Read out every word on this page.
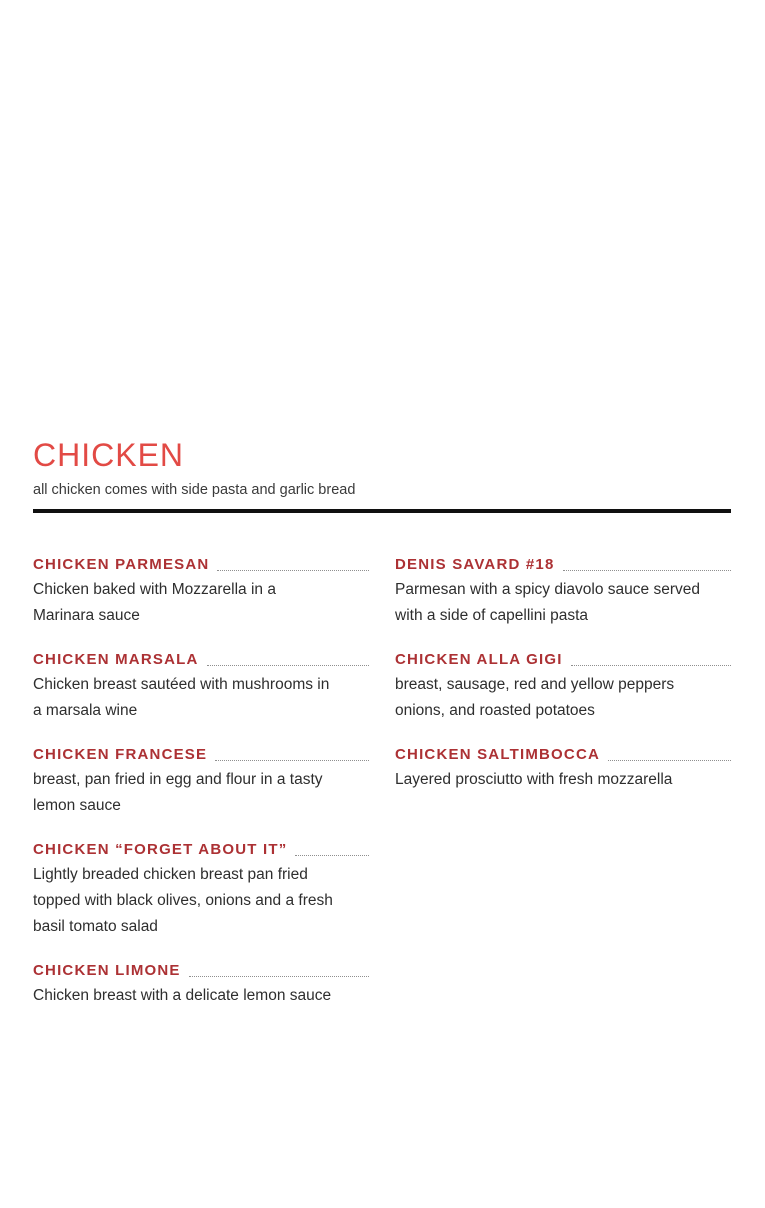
CHICKEN

all chicken comes with side pasta and garlic bread

CHICKEN PARMESAN
Chicken baked with Mozzarella in a
Marinara sauce
CHICKEN MARSALA
Chicken breast sautéed with mushrooms in
a marsala wine
CHICKEN FRANCESE
breast, pan fried in egg and flour in a tasty
lemon sauce
CHICKEN “FORGET ABOUT IT”
Lightly breaded chicken breast pan fried
topped with black olives, onions and a fresh
basil tomato salad
CHICKEN LIMONE
Chicken breast with a delicate lemon sauce
DENIS SAVARD #18
Parmesan with a spicy diavolo sauce served
with a side of capellini pasta
CHICKEN ALLA GIGI
breast, sausage, red and yellow peppers
onions, and roasted potatoes
CHICKEN SALTIMBOCCA
Layered prosciutto with fresh mozzarella
